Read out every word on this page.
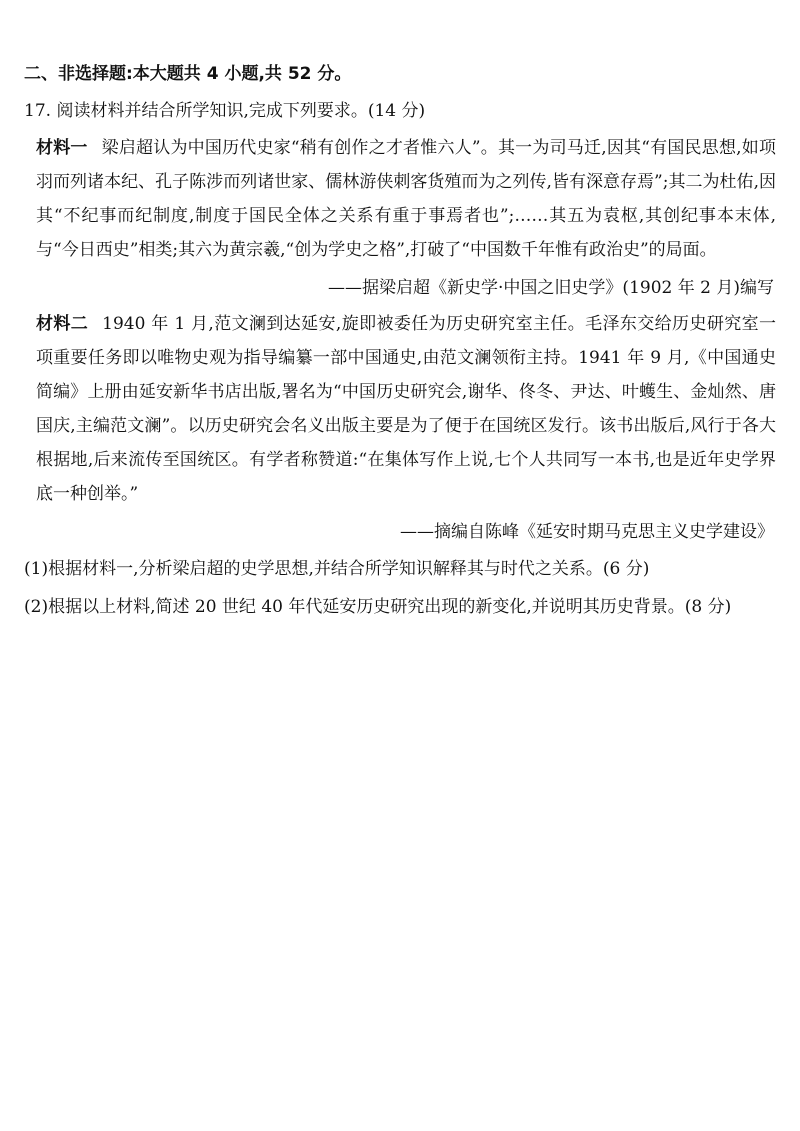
二、非选择题:本大题共 4 小题,共 52 分。
17. 阅读材料并结合所学知识,完成下列要求。(14 分)
材料一 梁启超认为中国历代史家“稍有创作之才者惟六人”。其一为司马迁,因其“有国民思想,如项羽而列诸本纪、孔子陈涉而列诸世家、儒林游侠刺客货殖而为之列传,皆有深意存焉”;其二为杜佑,因其“不纪事而纪制度,制度于国民全体之关系有重于事焉者也”;……其五为袁枢,其创纪事本末体,与“今日西史”相类;其六为黄宗羲,“创为学史之格”,打破了“中国数千年惟有政治史”的局面。
——据梁启超《新史学·中国之旧史学》(1902 年 2 月)编写
材料二 1940 年 1 月,范文澜到达延安,旋即被委任为历史研究室主任。毛泽东交给历史研究室一项重要任务即以唯物史观为指导编纂一部中国通史,由范文澜领衔主持。1941 年 9 月,《中国通史简编》上册由延安新华书店出版,署名为“中国历史研究会,谢华、佟冬、尹达、叶蠖生、金灿然、唐国庆,主编范文澜”。以历史研究会名义出版主要是为了便于在国统区发行。该书出版后,风行于各大根据地,后来流传至国统区。有学者称赞道:“在集体写作上说,七个人共同写一本书,也是近年史学界底一种创举。”
——摘编自陈峰《延安时期马克思主义史学建设》
(1)根据材料一,分析梁启超的史学思想,并结合所学知识解释其与时代之关系。(6 分)
(2)根据以上材料,简述 20 世纪 40 年代延安历史研究出现的新变化,并说明其历史背景。(8 分)
